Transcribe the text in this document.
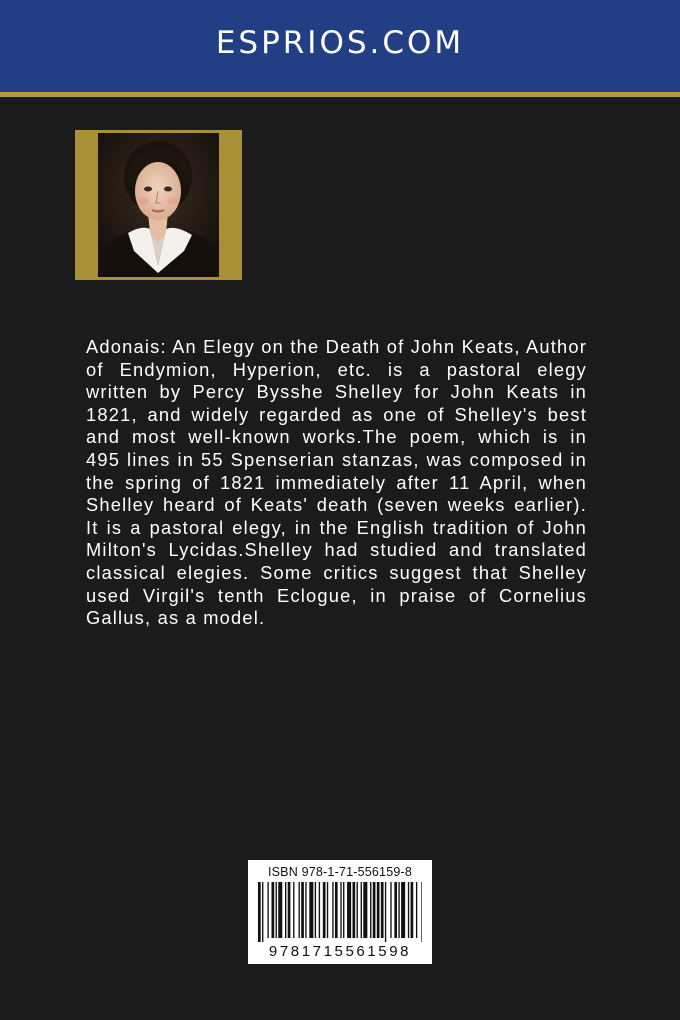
ESPRIOS.COM

Adonais: An Elegy on the Death of John Keats, Author of Endymion, Hyperion, etc. is a pastoral elegy written by Percy Bysshe Shelley for John Keats in 1821, and widely regarded as one of Shelley's best and most well-known works.The poem, which is in 495 lines in 55 Spenserian stanzas, was composed in the spring of 1821 immediately after 11 April, when Shelley heard of Keats' death (seven weeks earlier). It is a pastoral elegy, in the English tradition of John Milton's Lycidas.Shelley had studied and translated classical elegies. Some critics suggest that Shelley used Virgil's tenth Eclogue, in praise of Cornelius Gallus, as a model.

ISBN 978-1-71-556159-8
9781715561598
